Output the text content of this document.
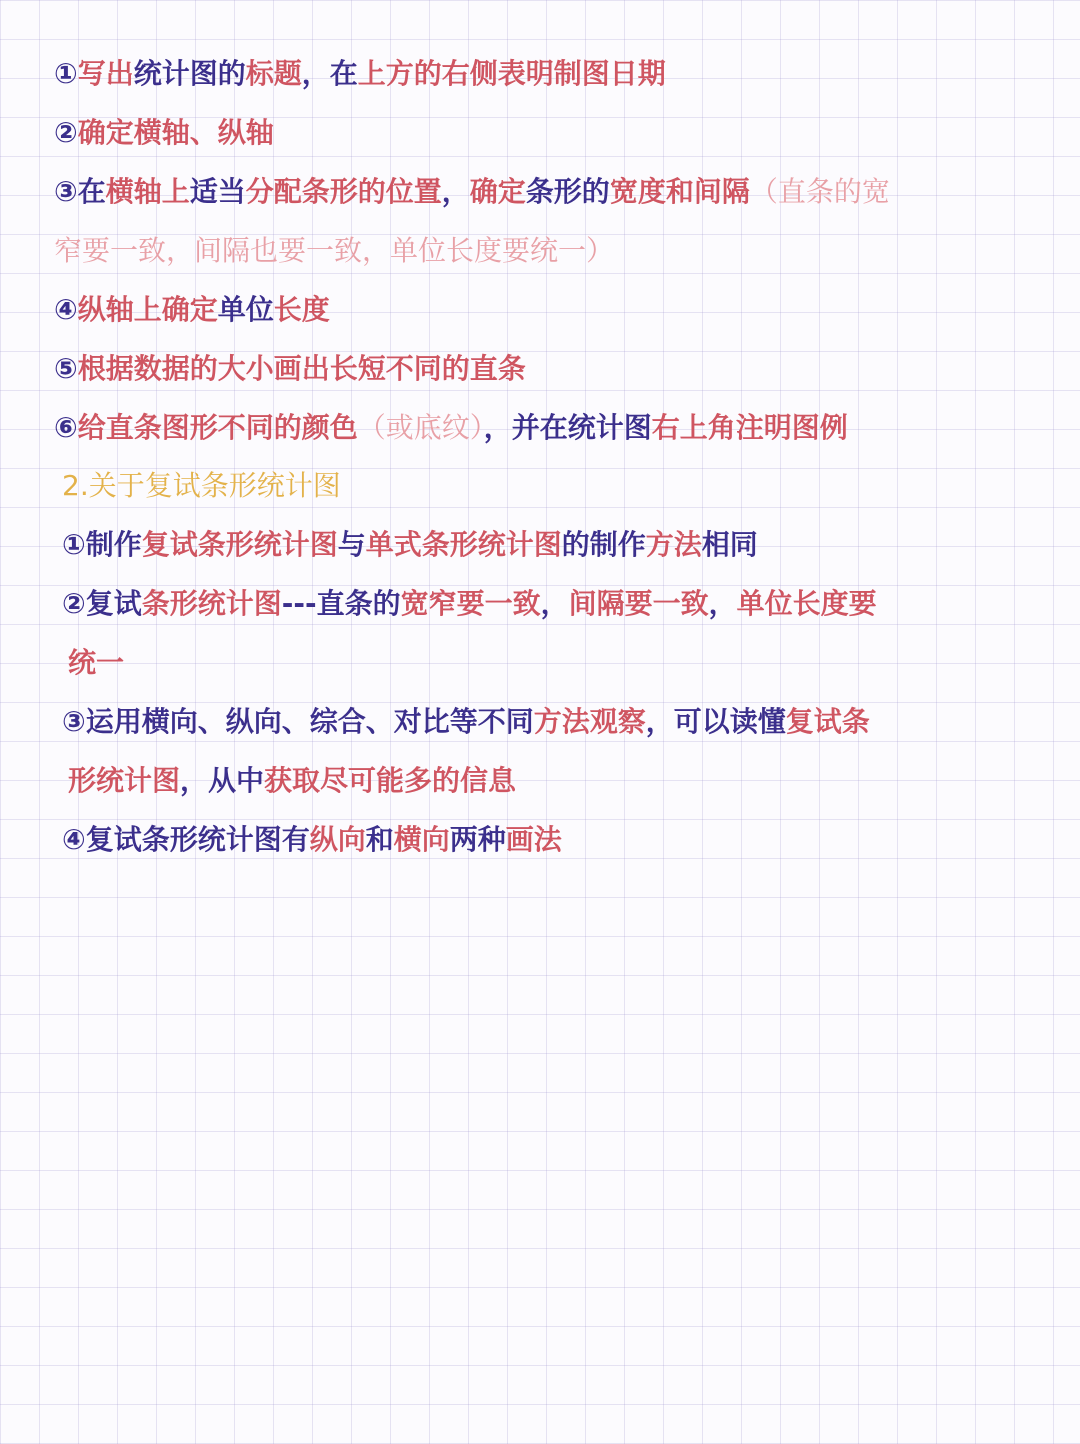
①写出统计图的标题，在上方的右侧表明制图日期
②确定横轴、纵轴
③在横轴上适当分配条形的位置，确定条形的宽度和间隔（直条的宽
窄要一致，间隔也要一致，单位长度要统一）
④纵轴上确定单位长度
⑤根据数据的大小画出长短不同的直条
⑥给直条图形不同的颜色（或底纹），并在统计图右上角注明图例
2.关于复试条形统计图
①制作复试条形统计图与单式条形统计图的制作方法相同
②复试条形统计图---直条的宽窄要一致，间隔要一致，单位长度要
统一
③运用横向、纵向、综合、对比等不同方法观察，可以读懂复试条
形统计图，从中获取尽可能多的信息
④复试条形统计图有纵向和横向两种画法
